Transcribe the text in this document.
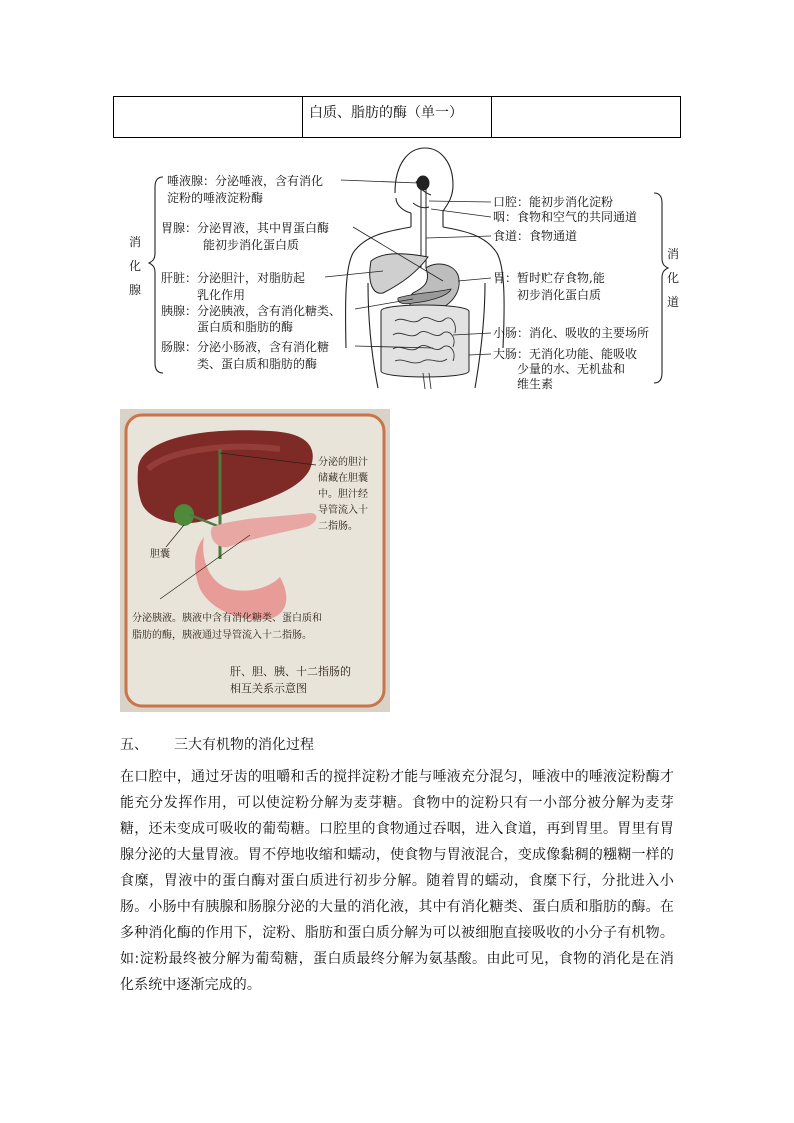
	白质、脂肪的酶（单一）	
消
化
腺
消
化
道
唾液腺：分泌唾液，含有消化
淀粉的唾液淀粉酶
胃腺：分泌胃液，其中胃蛋白酶
能初步消化蛋白质
肝脏：分泌胆汁，对脂肪起
乳化作用
胰腺：分泌胰液，含有消化糖类、
蛋白质和脂肪的酶
肠腺：分泌小肠液，含有消化糖
类、蛋白质和脂肪的酶
口腔：能初步消化淀粉
咽：食物和空气的共同通道
食道：食物通道
胃：暂时贮存食物,能
初步消化蛋白质
小肠：消化、吸收的主要场所
大肠：无消化功能、能吸收
少量的水、无机盐和
维生素
分泌的胆汁
储藏在胆囊
中。胆汁经
导管流入十
二指肠。
胆囊
分泌胰液。胰液中含有消化糖类、蛋白质和
脂肪的酶，胰液通过导管流入十二指肠。
肝、胆、胰、十二指肠的
相互关系示意图
五、 三大有机物的消化过程
在口腔中，通过牙齿的咀嚼和舌的搅拌淀粉才能与唾液充分混匀，唾液中的唾液淀粉酶才能充分发挥作用，可以使淀粉分解为麦芽糖。食物中的淀粉只有一小部分被分解为麦芽糖，还未变成可吸收的葡萄糖。口腔里的食物通过吞咽，进入食道，再到胃里。胃里有胃腺分泌的大量胃液。胃不停地收缩和蠕动，使食物与胃液混合，变成像黏稠的糨糊一样的食糜，胃液中的蛋白酶对蛋白质进行初步分解。随着胃的蠕动，食糜下行，分批进入小肠。小肠中有胰腺和肠腺分泌的大量的消化液，其中有消化糖类、蛋白质和脂肪的酶。在多种消化酶的作用下，淀粉、脂肪和蛋白质分解为可以被细胞直接吸收的小分子有机物。如:淀粉最终被分解为葡萄糖，蛋白质最终分解为氨基酸。由此可见，食物的消化是在消化系统中逐渐完成的。
